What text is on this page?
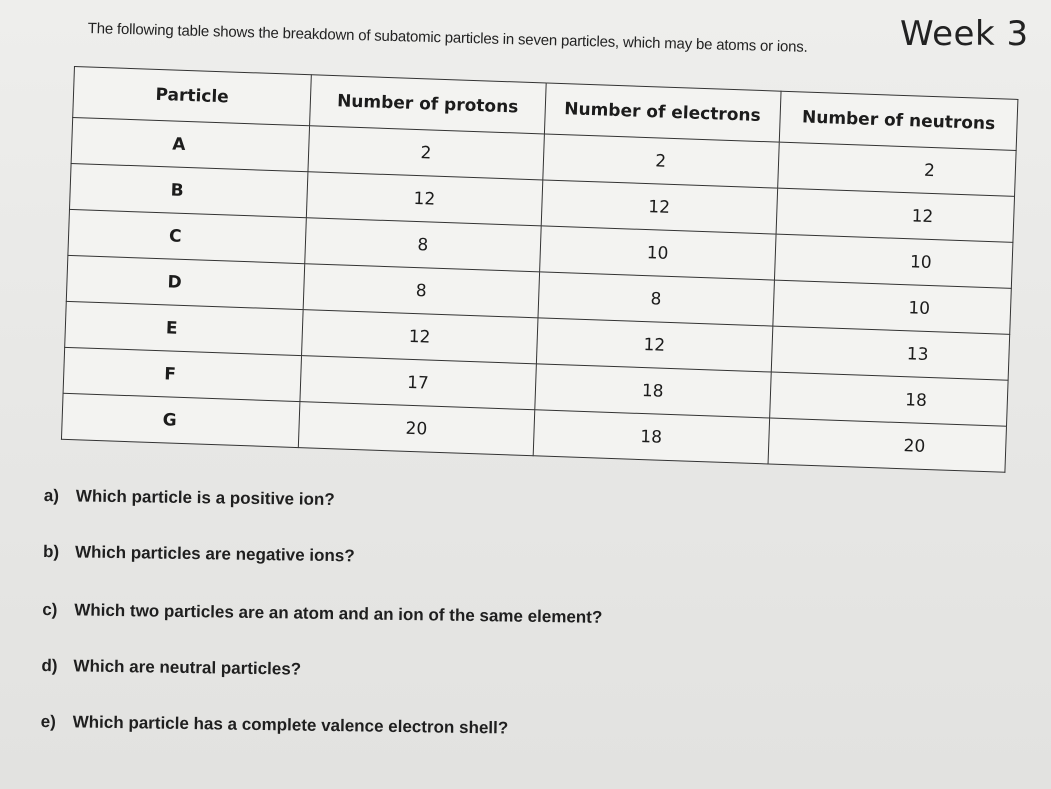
Week 3
The following table shows the breakdown of subatomic particles in seven particles, which may be atoms or ions.
Particle	Number of protons	Number of electrons	Number of neutrons
A	2	2	2
B	12	12	12
C	8	10	10
D	8	8	10
E	12	12	13
F	17	18	18
G	20	18	20
a) Which particle is a positive ion?
b) Which particles are negative ions?
c) Which two particles are an atom and an ion of the same element?
d) Which are neutral particles?
e) Which particle has a complete valence electron shell?
